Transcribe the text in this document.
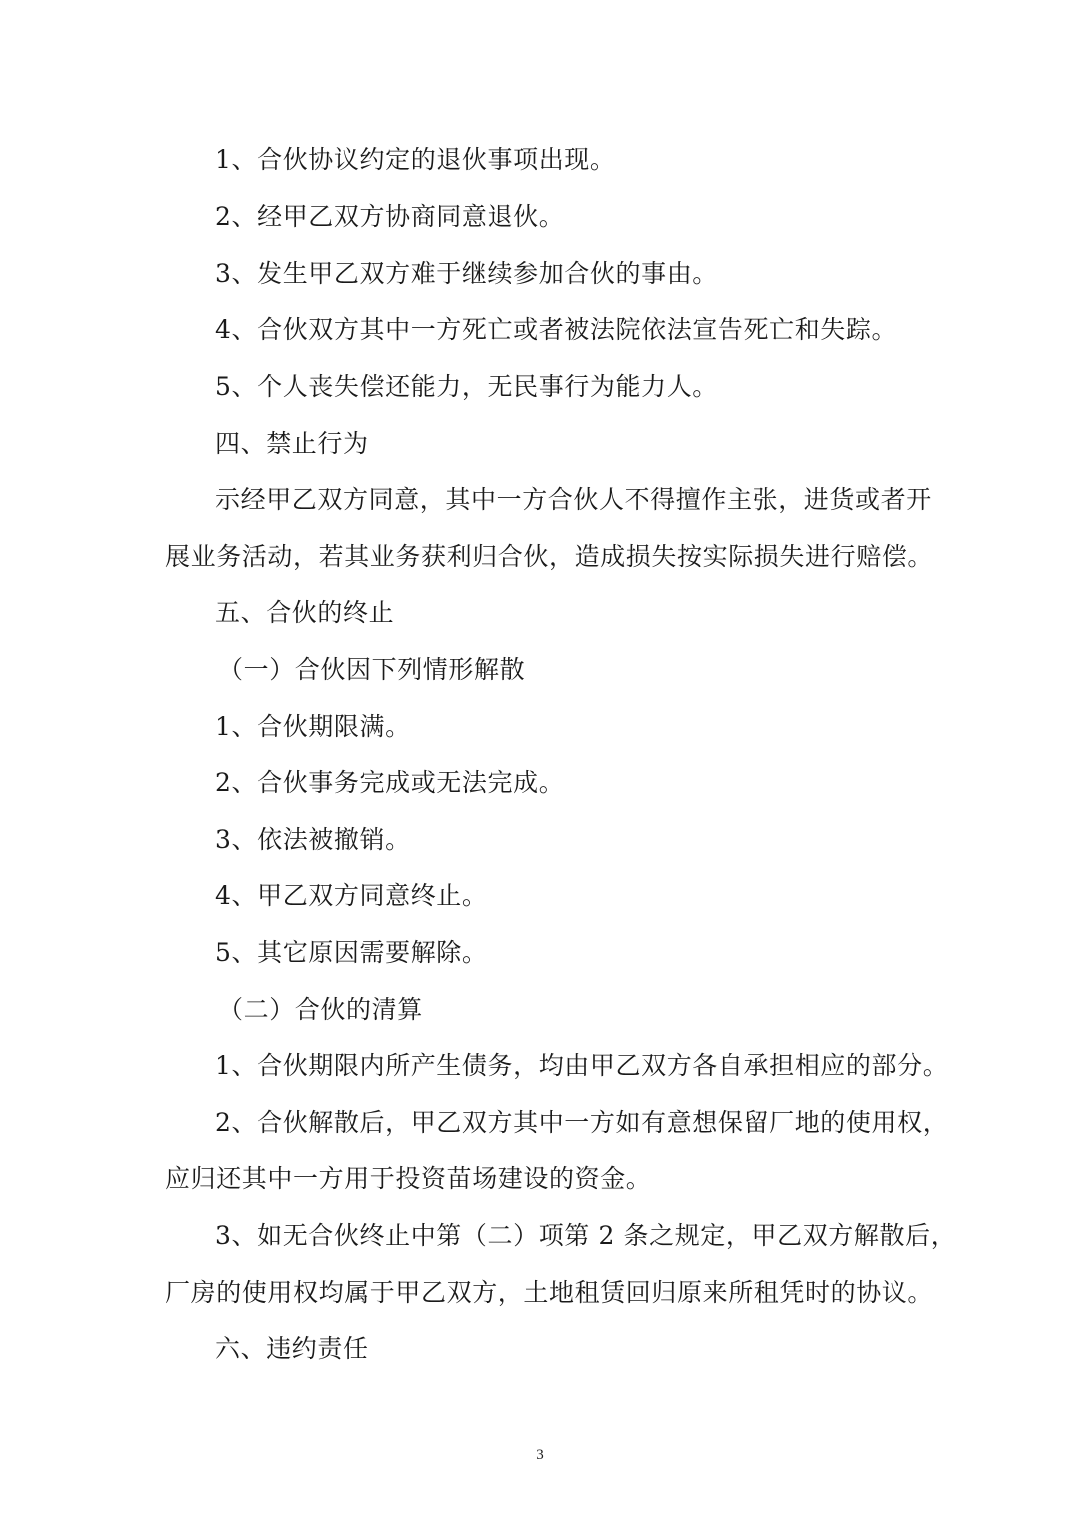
1、合伙协议约定的退伙事项出现。
2、经甲乙双方协商同意退伙。
3、发生甲乙双方难于继续参加合伙的事由。
4、合伙双方其中一方死亡或者被法院依法宣告死亡和失踪。
5、个人丧失偿还能力，无民事行为能力人。
四、禁止行为
示经甲乙双方同意，其中一方合伙人不得擅作主张，进货或者开
展业务活动，若其业务获利归合伙，造成损失按实际损失进行赔偿。
五、合伙的终止
（一）合伙因下列情形解散
1、合伙期限满。
2、合伙事务完成或无法完成。
3、依法被撤销。
4、甲乙双方同意终止。
5、其它原因需要解除。
（二）合伙的清算
1、合伙期限内所产生债务，均由甲乙双方各自承担相应的部分。
2、合伙解散后，甲乙双方其中一方如有意想保留厂地的使用权，
应归还其中一方用于投资苗场建设的资金。
3、如无合伙终止中第（二）项第 2 条之规定，甲乙双方解散后，
厂房的使用权均属于甲乙双方，土地租赁回归原来所租凭时的协议。
六、违约责任
3
